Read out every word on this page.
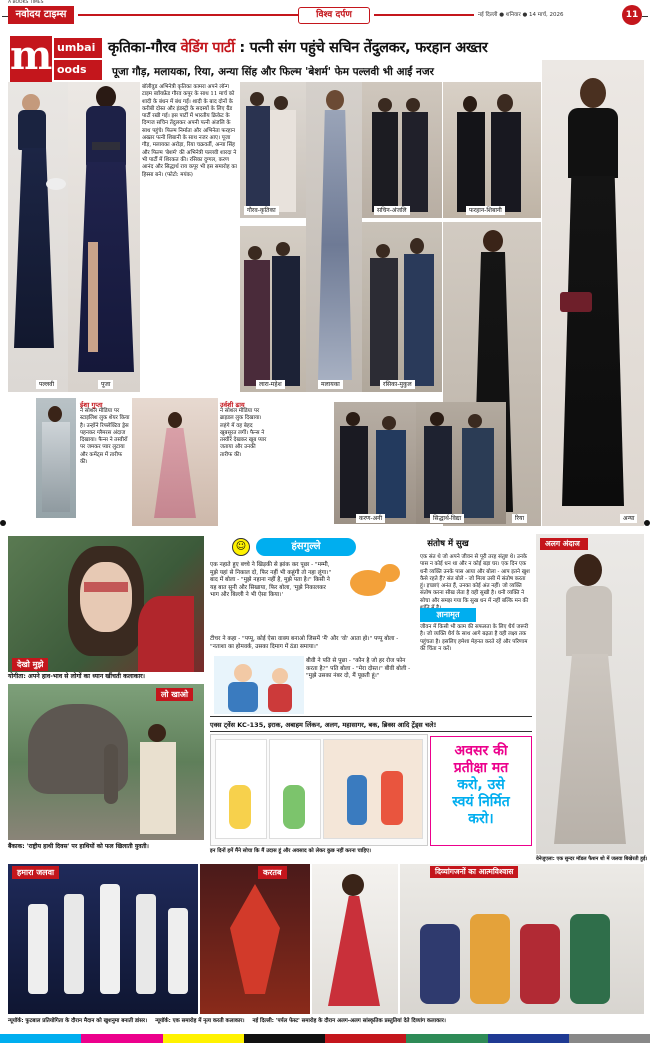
A BOOKS TIMES
नवोदय टाइम्स	विश्व दर्पण	नई दिल्ली ● शनिवार ● 14 मार्च, 2026	11
m umbai
oods
कृतिका-गौरव वेडिंग पार्टी : पत्नी संग पहुंचे सचिन तेंदुलकर, फरहान अख्तर
पूजा गौड़, मलायका, रिया, अन्या सिंह और फिल्म 'बेशर्म' फेम पल्लवी भी आईं नजर
पल्लवी	पूजा
बॉलीवुड अभिनेत्री कृतिका कामरा अपने लॉन्ग टाइम ब्वॉयफ्रेंड गौरव कपूर के साथ 11 मार्च को शादी के बंधन में बंध गईं। शादी के बाद दोनों के करीबी दोस्त और इंडस्ट्री के सदस्यों के लिए ग्रैंड पार्टी रखी गई। इस पार्टी में भारतीय क्रिकेट के दिग्गज सचिन तेंदुलकर अपनी पत्नी अंजलि के साथ पहुंचे। फिल्म निर्माता और अभिनेता फरहान अख्तर पत्नी शिबानी के साथ नजर आए। पूजा गौड़, मलायका अरोड़ा, रिया चक्रवर्ती, अन्या सिंह और फिल्म 'बेशर्म' की अभिनेत्री पल्लवी शारदा ने भी पार्टी में शिरकत की। रसिका दुग्गल, करण आनंद और सिद्धार्थ राय कपूर भी इस समारोह का हिस्सा बने। (फोटो: मयंक)
गौरव-कृतिका
मलायका
सचिन-अंजलि	फरहान-शिबानी
अन्या
लारा-महेश	रसिका-मुकुल
रिया
ईशा गुप्ता
ने सोशल मीडिया पर स्टाइलिश लुक शेयर किया है। उन्होंने रिफ्लेक्टिव ड्रेस पहनकर ग्लैमरस अंदाज दिखाया। फैन्स ने तस्वीरों पर जमकर प्यार लुटाया और कमेंट्स में तारीफ की।
उर्वशी ढाय
ने सोशल मीडिया पर ब्राइडल लुक दिखाया। लहंगे में वह बेहद खूबसूरत लगीं। फैन्स ने तस्वीरें देखकर खूब प्यार जताया और उनकी तारीफ की।
करण-अनी	सिद्धार्थ-विद्या
देखो मुझे
योगीता: अपने हाव-भाव से लोगों का ध्यान खींचती कलाकार।
लो खाओ
बैंकाक: 'राष्ट्रीय हाथी दिवस' पर हाथियों को फल खिलाती युवती।
☺	हंसगुल्ले
एक नहाते हुए बच्चे ने खिड़की से झांक कर पूछा - "मम्मी, मुझे यहां से निकाल दो, फिर नहीं भी कहूंगी तो नहा लूंगा।" बाद में बोला - "मुझे नहाना नहीं है, मुझे पता है।" किसी ने यह बात सुनी और सिखाया, फिर बोला, 'मुझे निकालकर भाग और बिल्ली ने भी ऐसा किया।'
टीचर ने कहा - "पप्पू, कोई ऐसा वाक्य बनाओ जिसमें 'मैं' और 'वो' आता हो।" पप्पू बोला - "नताशा का होमवर्क, उसका दिमाग में ठंडा समाया।"
बीवी ने पति से पूछा - "कौन है जो हर रोज फोन करता है?" पति बोला - "मेरा दोस्त।" बीवी बोली - "मुझे उसका नंबर दो, मैं पूछती हूं।"
संतोष में सुख
एक संत थे जो अपने जीवन से पूरी तरह संतुष्ट थे। उनके पास न कोई धन था और न कोई बड़ा घर। एक दिन एक धनी व्यक्ति उनके पास आया और बोला - आप इतने खुश कैसे रहते हैं? संत बोले - जो मिला उसी में संतोष करता हूं। इच्छाएं अनंत हैं, उनका कोई अंत नहीं। जो व्यक्ति संतोष करना सीख लेता है वही सुखी है। धनी व्यक्ति ने सोचा और समझ गया कि सुख धन में नहीं बल्कि मन की
ज्ञानामृत
जीवन में किसी भी काम की सफलता के लिए धैर्य जरूरी है। जो व्यक्ति धैर्य के साथ आगे बढ़ता है वही लक्ष्य तक पहुंचता है। इसलिए हमेशा मेहनत करते रहें और परिणाम की चिंता न करें।
अलग अंदाज
वेनेजुएला: एक सुन्दर मॉडल फैशन शो में जलवा बिखेरती हुई।
एक्स ट्वेंस KC-135, इराक, अबाहम लिंकन, अलग, महासागर, बक, ब्रिक्स आदि ट्रेंड्स चले!
इन दिनों हमें मैंने सोचा कि मैं उदास हूं और अवसाद को लेकर कुछ नहीं करना चाहिए।
अवसर की
प्रतीक्षा मत
करो, उसे
स्वयं निर्मित
करो।
हमारा जलवा	करतब	दिव्यांगजनों का आत्मविश्वास
न्यूयॉर्क: फुटबाल प्रतियोगिता के दौरान मैदान को खुशनुमा बनाती डांसर। न्यूयॉर्क: एक समारोह में नृत्य करती कलाकार। नई दिल्ली: 'पर्पल फेस्ट' समारोह के दौरान अलग-अलग सांस्कृतिक प्रस्तुतियां देते दिव्यांग कलाकार।
